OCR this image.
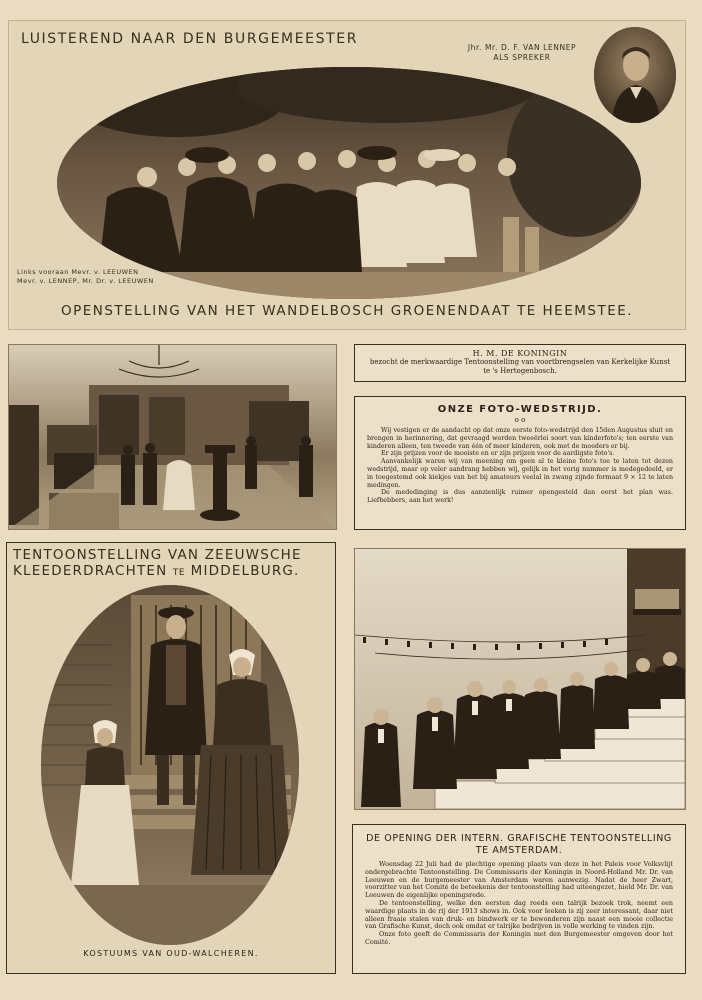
LUISTEREND NAAR DEN BURGEMEESTER
Jhr. Mr. D. F. VAN LENNEP
ALS SPREKER
Links vooraan Mevr. v. LEEUWEN
Mevr. v. LENNEP, Mr. Dr. v. LEEUWEN
OPENSTELLING VAN HET WANDELBOSCH GROENENDAAT TE HEEMSTEE.
H. M. DE KONINGIN
bezocht de merkwaardige Tentoonstelling van voortbrengselen van Kerkelijke Kunst
te 's Hertogenbosch.
ONZE FOTO-WEDSTRIJD.
o o

Wij vestigen er de aandacht op dat onze eerste foto-wedstrijd den 15den Augustus sluit en brengen in herinnering, dat gevraagd worden tweeërlei soort van kinderfoto's; ten eerste van kinderen alleen, ten tweede van één of meer kinderen, ook met de moeders er bij.

Er zijn prijzen voor de mooiste en er zijn prijzen voor de aardigste foto's.

Aanvankelijk waren wij van meening om geen al te kleine foto's toe te laten tot dezen wedstrijd, maar op veler aandrang hebben wij, gelijk in het vorig nummer is medegedeeld, er in toegestemd ook kiekjes van het bij amateurs veelal in zwang zijnde formaat 9 × 12 te laten medingen.

De mededinging is dus aanzienlijk ruimer opengesteld dan eerst het plan was. Liefhebbers, aan het werk!

TENTOONSTELLING VAN ZEEUWSCHE
KLEEDERDRACHTEN TE MIDDELBURG.
KOSTUUMS VAN OUD-WALCHEREN.
DE OPENING DER INTERN. GRAFISCHE TENTOONSTELLING
TE AMSTERDAM.

Woensdag 22 Juli had de plechtige opening plaats van deze in het Paleis voor Volksvlijt ondergebrachte Tentoonstelling. De Commissaris der Koningin in Noord-Holland Mr. Dr. van Leeuwen en de burgemeester van Amsterdam waren aanwezig. Nadat de heer Zwart, voorzitter van het Comité de beteekenis der tentoonstelling had uiteengezet, hield Mr. Dr. van Leeuwen de eigenlijke openingsrede.

De tentoonstelling, welke den eersten dag reeds een talrijk bezoek trok, neemt een waardige plaats in de rij der 1913 shows in. Ook voor leeken is zij zeer interessant, daar niet alleen fraaie stalen van druk- en bindwerk er te bewonderen zijn naast een mooie collectie van Grafische Kunst, doch ook omdat er talrijke bedrijven in volle werking te vinden zijn.

Onze foto geeft de Commissaris der Koningin met den Burgemeester omgeven door het Comité.
